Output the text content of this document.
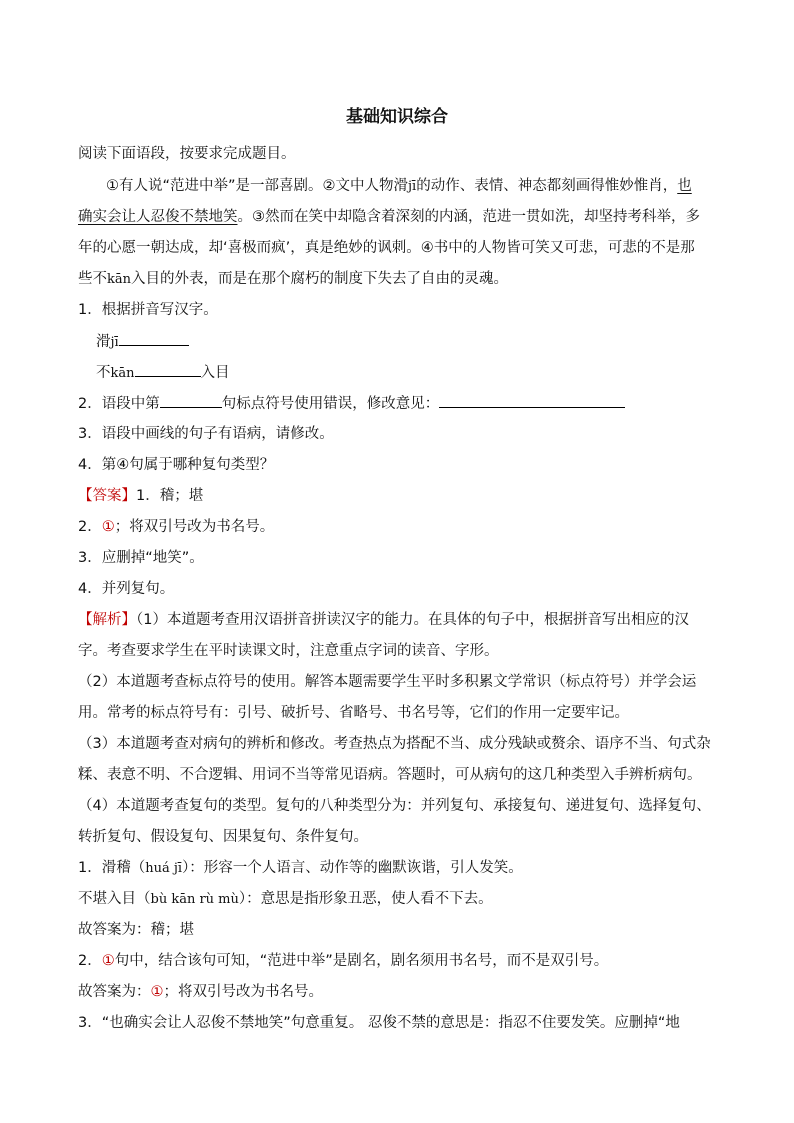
基础知识综合
阅读下面语段，按要求完成题目。
①有人说“范进中举”是一部喜剧。②文中人物滑jī的动作、表情、神态都刻画得惟妙惟肖，也
确实会让人忍俊不禁地笑。③然而在笑中却隐含着深刻的内涵，范进一贯如洗，却坚持考科举，多
年的心愿一朝达成，却‘喜极而疯’，真是绝妙的讽刺。④书中的人物皆可笑又可悲，可悲的不是那
些不kān入目的外表，而是在那个腐朽的制度下失去了自由的灵魂。
1．根据拼音写汉字。
滑jī
不kān	入目
2．语段中第	句标点符号使用错误，修改意见：
3．语段中画线的句子有语病，请修改。
4．第④句属于哪种复句类型？
【答案】1．稽；堪
2．①；将双引号改为书名号。
3．应删掉“地笑”。
4．并列复句。
【解析】（1）本道题考查用汉语拼音拼读汉字的能力。在具体的句子中，根据拼音写出相应的汉
字。考查要求学生在平时读课文时，注意重点字词的读音、字形。
（2）本道题考查标点符号的使用。解答本题需要学生平时多积累文学常识（标点符号）并学会运
用。常考的标点符号有：引号、破折号、省略号、书名号等，它们的作用一定要牢记。
（3）本道题考查对病句的辨析和修改。考查热点为搭配不当、成分残缺或赘余、语序不当、句式杂
糅、表意不明、不合逻辑、用词不当等常见语病。答题时，可从病句的这几种类型入手辨析病句。
（4）本道题考查复句的类型。复句的八种类型分为：并列复句、承接复句、递进复句、选择复句、
转折复句、假设复句、因果复句、条件复句。
1．滑稽（huá jī）：形容一个人语言、动作等的幽默诙谐，引人发笑。
不堪入目（bù kān rù mù）：意思是指形象丑恶，使人看不下去。
故答案为：稽；堪
2．①句中，结合该句可知，“范进中举”是剧名，剧名须用书名号，而不是双引号。
故答案为：①；将双引号改为书名号。
3．“也确实会让人忍俊不禁地笑”句意重复。 忍俊不禁的意思是：指忍不住要发笑。应删掉“地
